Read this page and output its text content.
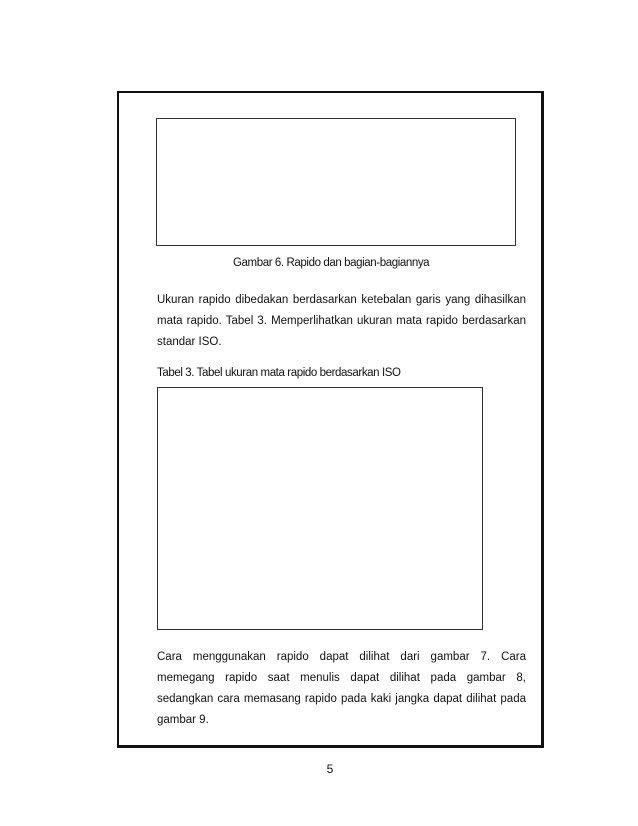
Gambar 6. Rapido dan bagian-bagiannya
Ukuran rapido dibedakan berdasarkan ketebalan garis yang dihasilkan
mata rapido. Tabel 3. Memperlihatkan ukuran mata rapido berdasarkan
standar ISO.
Tabel 3. Tabel ukuran mata rapido berdasarkan ISO
Cara menggunakan rapido dapat dilihat dari gambar 7. Cara
memegang rapido saat menulis dapat dilihat pada gambar 8,
sedangkan cara memasang rapido pada kaki jangka dapat dilihat pada
gambar 9.
5
